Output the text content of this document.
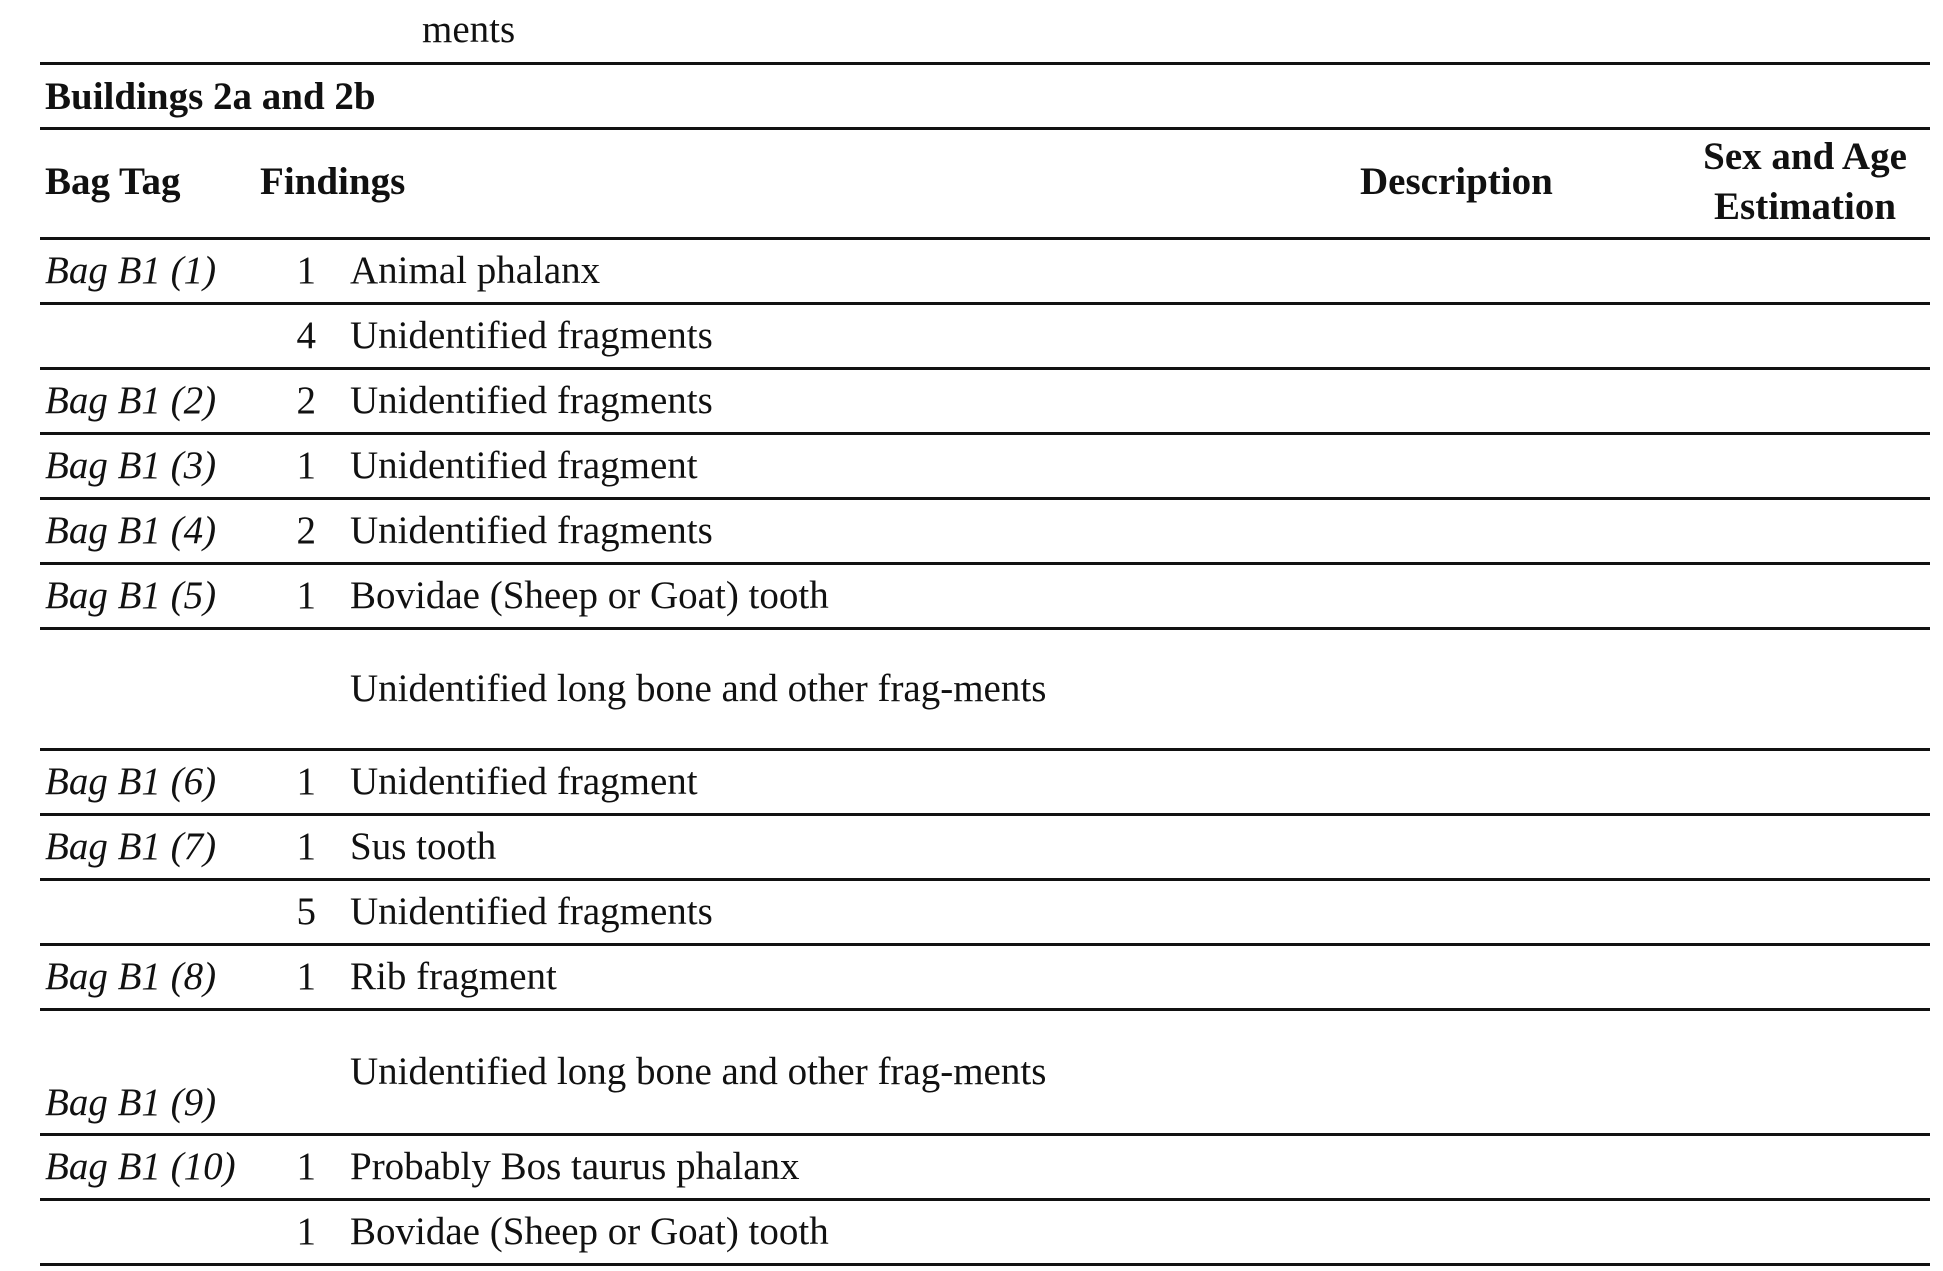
ments
Buildings 2a and 2b				
Bag Tag	Findings		Description	Sex and Age
Estimation
Bag B1 (1)	1	Animal phalanx		
	4	Unidentified fragments		
Bag B1 (2)	2	Unidentified fragments		
Bag B1 (3)	1	Unidentified fragment		
Bag B1 (4)	2	Unidentified fragments		
Bag B1 (5)	1	Bovidae (Sheep or Goat) tooth		
		Unidentified long bone and other frag-ments		
Bag B1 (6)	1	Unidentified fragment		
Bag B1 (7)	1	Sus tooth		
	5	Unidentified fragments		
Bag B1 (8)	1	Rib fragment		
Bag B1 (9)		Unidentified long bone and other frag-ments		
Bag B1 (10)	1	Probably Bos taurus phalanx		
	1	Bovidae (Sheep or Goat) tooth		
